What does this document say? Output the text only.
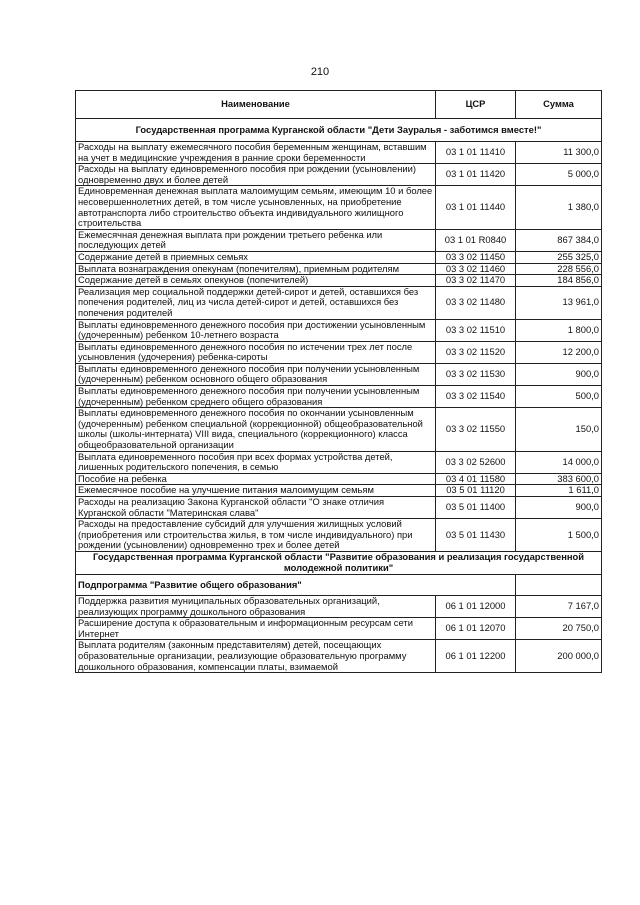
210
Наименование	ЦСР	Сумма
Государственная программа Курганской области "Дети Зауралья - заботимся вместе!"		
Расходы на выплату ежемесячного пособия беременным женщинам, вставшим на учет в медицинские учреждения в ранние сроки беременности	03 1 01 11410	11 300,0
Расходы на выплату единовременного пособия при рождении (усыновлении) одновременно двух и более детей	03 1 01 11420	5 000,0
Единовременная денежная выплата малоимущим семьям, имеющим 10 и более несовершеннолетних детей, в том числе усыновленных, на приобретение автотранспорта либо строительство объекта индивидуального жилищного строительства	03 1 01 11440	1 380,0
Ежемесячная денежная выплата при рождении третьего ребенка или последующих детей	03 1 01 R0840	867 384,0
Содержание детей в приемных семьях	03 3 02 11450	255 325,0
Выплата вознаграждения опекунам (попечителям), приемным родителям	03 3 02 11460	228 556,0
Содержание детей в семьях опекунов (попечителей)	03 3 02 11470	184 856,0
Реализация мер социальной поддержки детей-сирот и детей, оставшихся без попечения родителей, лиц из числа детей-сирот и детей, оставшихся без попечения родителей	03 3 02 11480	13 961,0
Выплаты единовременного денежного пособия при достижении усыновленным (удочеренным) ребенком 10-летнего возраста	03 3 02 11510	1 800,0
Выплаты единовременного денежного пособия по истечении трех лет после усыновления (удочерения) ребенка-сироты	03 3 02 11520	12 200,0
Выплаты единовременного денежного пособия при получении усыновленным (удочеренным) ребенком основного общего образования	03 3 02 11530	900,0
Выплаты единовременного денежного пособия при получении усыновленным (удочеренным) ребенком среднего общего образования	03 3 02 11540	500,0
Выплаты единовременного денежного пособия по окончании усыновленным (удочеренным) ребенком специальной (коррекционной) общеобразовательной школы (школы-интерната) VIII вида, специального (коррекционного) класса общеобразовательной организации	03 3 02 11550	150,0
Выплата единовременного пособия при всех формах устройства детей, лишенных родительского попечения, в семью	03 3 02 52600	14 000,0
Пособие на ребенка	03 4 01 11580	383 600,0
Ежемесячное пособие на улучшение питания малоимущим семьям	03 5 01 11120	1 611,0
Расходы на реализацию Закона Курганской области "О знаке отличия Курганской области "Материнская слава"	03 5 01 11400	900,0
Расходы на предоставление субсидий для улучшения жилищных условий (приобретения или строительства жилья, в том числе индивидуального) при рождении (усыновлении) одновременно трех и более детей	03 5 01 11430	1 500,0
Государственная программа Курганской области "Развитие образования и реализация государственной молодежной политики"		
Подпрограмма "Развитие общего образования"		
Поддержка развития муниципальных образовательных организаций, реализующих программу дошкольного образования	06 1 01 12000	7 167,0
Расширение доступа к образовательным и информационным ресурсам сети Интернет	06 1 01 12070	20 750,0
Выплата родителям (законным представителям) детей, посещающих образовательные организации, реализующие образовательную программу дошкольного образования, компенсации платы, взимаемой	06 1 01 12200	200 000,0
